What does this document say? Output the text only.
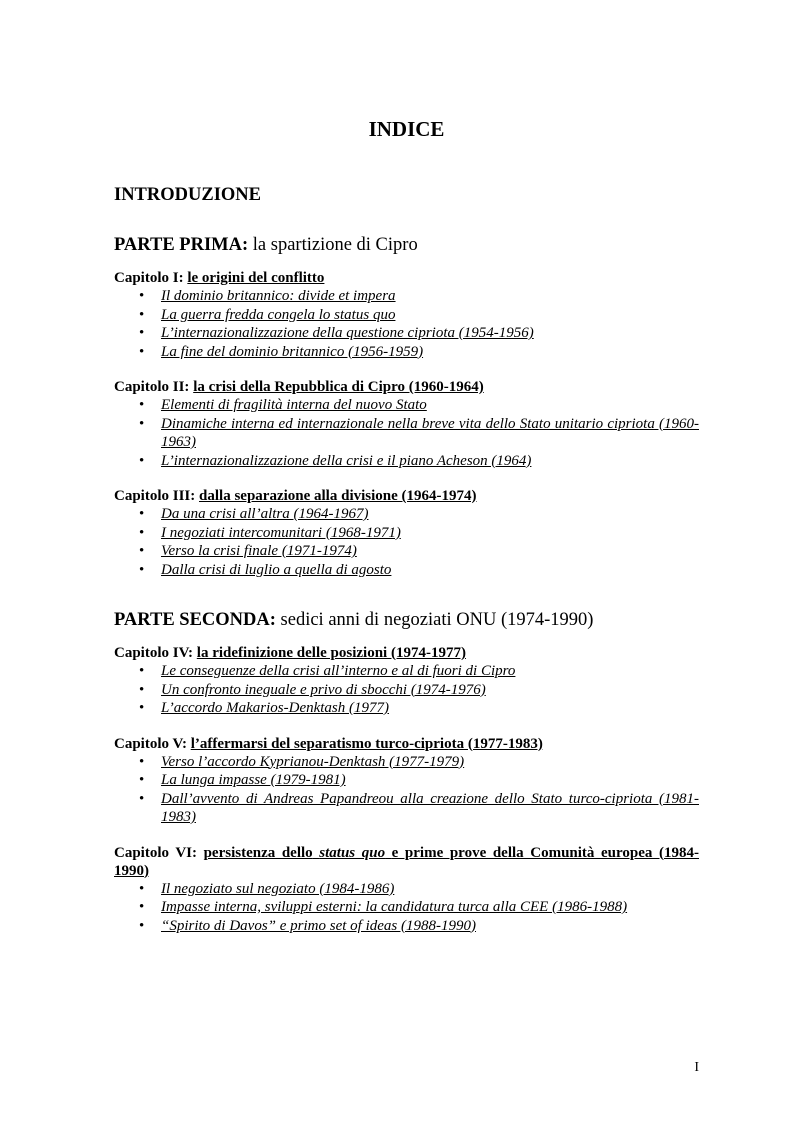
INDICE
INTRODUZIONE
PARTE PRIMA: la spartizione di Cipro

Capitolo I: le origini del conflitto

• Il dominio britannico: divide et impera
• La guerra fredda congela lo status quo
• L’internazionalizzazione della questione cipriota (1954-1956)
• La fine del dominio britannico (1956-1959)

Capitolo II: la crisi della Repubblica di Cipro (1960-1964)

• Elementi di fragilità interna del nuovo Stato
• Dinamiche interna ed internazionale nella breve vita dello Stato unitario cipriota (1960-1963)
• L’internazionalizzazione della crisi e il piano Acheson (1964)

Capitolo III: dalla separazione alla divisione (1964-1974)

• Da una crisi all’altra (1964-1967)
• I negoziati intercomunitari (1968-1971)
• Verso la crisi finale (1971-1974)
• Dalla crisi di luglio a quella di agosto
PARTE SECONDA: sedici anni di negoziati ONU (1974-1990)

Capitolo IV: la ridefinizione delle posizioni (1974-1977)

• Le conseguenze della crisi all’interno e al di fuori di Cipro
• Un confronto ineguale e privo di sbocchi (1974-1976)
• L’accordo Makarios-Denktash (1977)

Capitolo V: l’affermarsi del separatismo turco-cipriota (1977-1983)

• Verso l’accordo Kyprianou-Denktash (1977-1979)
• La lunga impasse (1979-1981)
• Dall’avvento di Andreas Papandreou alla creazione dello Stato turco-cipriota (1981-1983)

Capitolo VI: persistenza dello status quo e prime prove della Comunità europea (1984-1990)

• Il negoziato sul negoziato (1984-1986)
• Impasse interna, sviluppi esterni: la candidatura turca alla CEE (1986-1988)
• “Spirito di Davos” e primo set of ideas (1988-1990)
I
